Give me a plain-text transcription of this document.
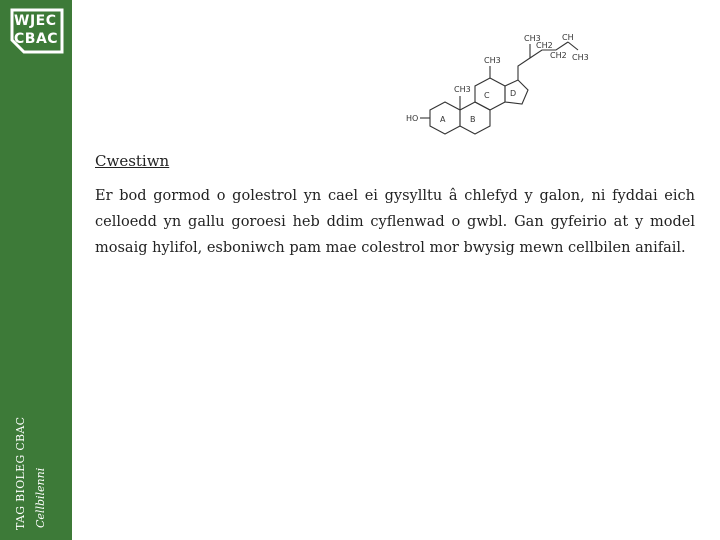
WJEC
CBAC
TAG BIOLEG CBAC Cellbilenni
A	B
C	D
HO
CH3
CH3
CH3
CH2
CH2
CH
CH3
Cwestiwn
Er bod gormod o golestrol yn cael ei gysylltu â chlefyd y galon, ni fyddai eich celloedd yn gallu goroesi heb ddim cyflenwad o gwbl. Gan gyfeirio at y model mosaig hylifol, esboniwch pam mae colestrol mor bwysig mewn cellbilen anifail.
